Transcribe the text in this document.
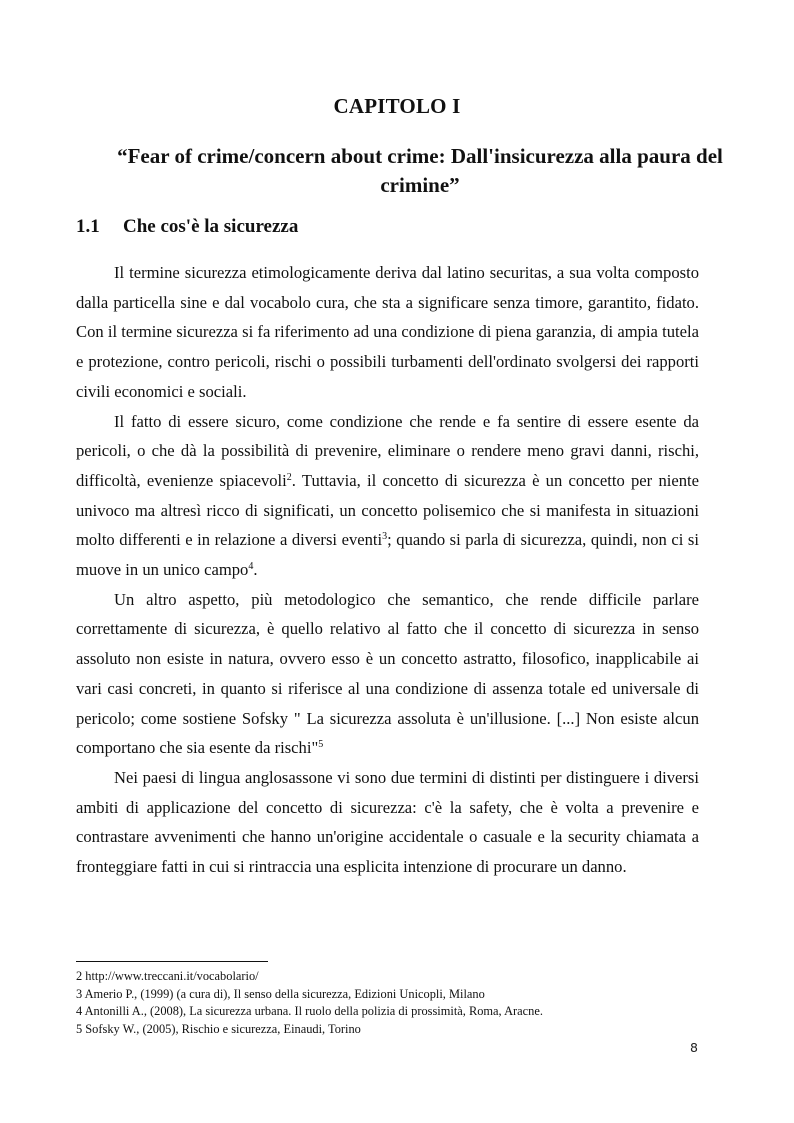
CAPITOLO I
“Fear of crime/concern about crime: Dall'insicurezza alla paura del crimine”
1.1 Che cos'è la sicurezza

Il termine sicurezza etimologicamente deriva dal latino securitas, a sua volta composto dalla particella sine e dal vocabolo cura, che sta a significare senza timore, garantito, fidato. Con il termine sicurezza si fa riferimento ad una condizione di piena garanzia, di ampia tutela e protezione, contro pericoli, rischi o possibili turbamenti dell'ordinato svolgersi dei rapporti civili economici e sociali.

Il fatto di essere sicuro, come condizione che rende e fa sentire di essere esente da pericoli, o che dà la possibilità di prevenire, eliminare o rendere meno gravi danni, rischi, difficoltà, evenienze spiacevoli$^2$. Tuttavia, il concetto di sicurezza è un concetto per niente univoco ma altresì ricco di significati, un concetto polisemico che si manifesta in situazioni molto differenti e in relazione a diversi eventi$^3$; quando si parla di sicurezza, quindi, non ci si muove in un unico campo$^4$.

Un altro aspetto, più metodologico che semantico, che rende difficile parlare correttamente di sicurezza, è quello relativo al fatto che il concetto di sicurezza in senso assoluto non esiste in natura, ovvero esso è un concetto astratto, filosofico, inapplicabile ai vari casi concreti, in quanto si riferisce al una condizione di assenza totale ed universale di pericolo; come sostiene Sofsky " La sicurezza assoluta è un'illusione. [...] Non esiste alcun comportano che sia esente da rischi"$^5$

Nei paesi di lingua anglosassone vi sono due termini di distinti per distinguere i diversi ambiti di applicazione del concetto di sicurezza: c'è la safety, che è volta a prevenire e contrastare avvenimenti che hanno un'origine accidentale o casuale e la security chiamata a fronteggiare fatti in cui si rintraccia una esplicita intenzione di procurare un danno.

2 http://www.treccani.it/vocabolario/
3 Amerio P., (1999) (a cura di), Il senso della sicurezza, Edizioni Unicopli, Milano
4 Antonilli A., (2008), La sicurezza urbana. Il ruolo della polizia di prossimità, Roma, Aracne.
5 Sofsky W., (2005), Rischio e sicurezza, Einaudi, Torino
8
